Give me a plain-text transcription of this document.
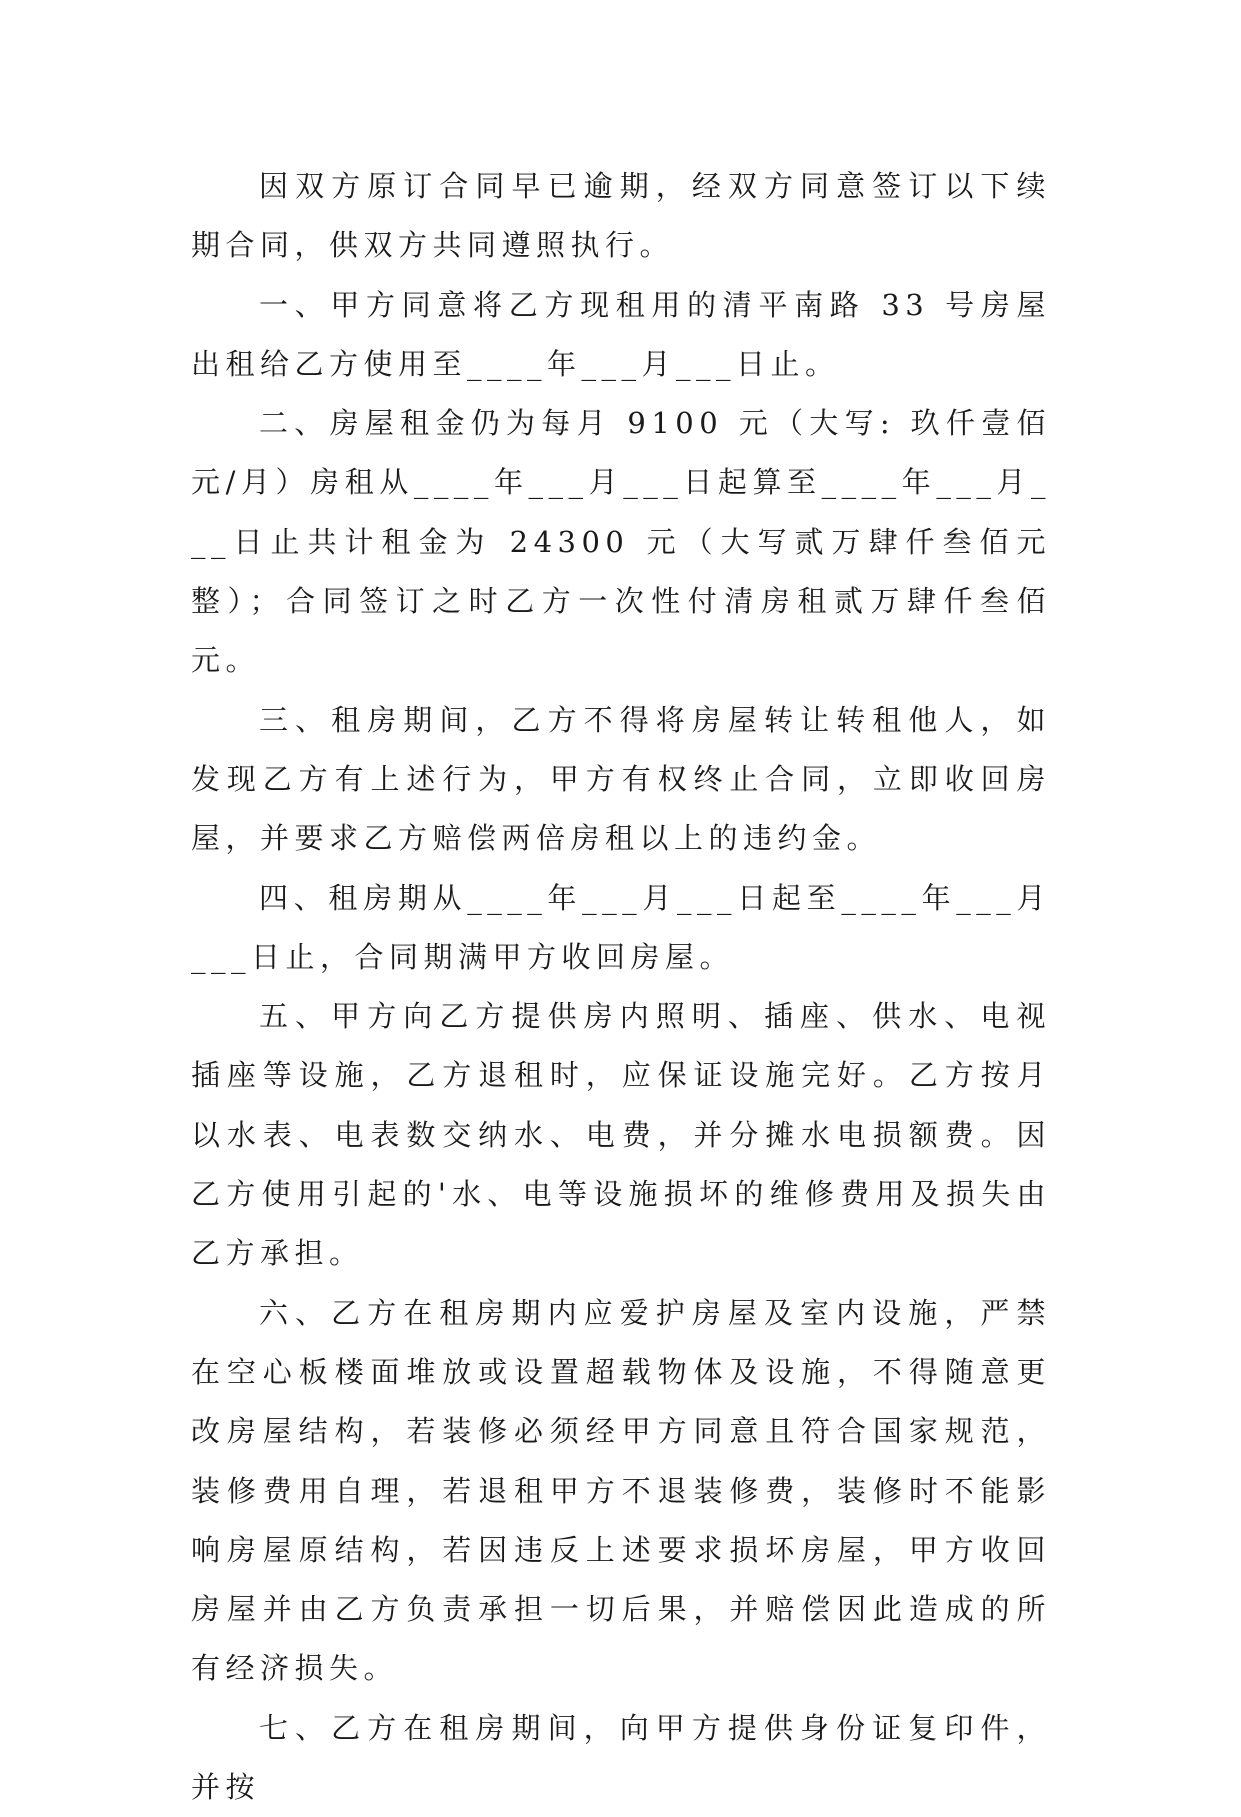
因双方原订合同早已逾期，经双方同意签订以下续期合同，供双方共同遵照执行。

一、甲方同意将乙方现租用的清平南路 33 号房屋出租给乙方使用至____年___月___日止。

二、房屋租金仍为每月 9100 元（大写: 玖仟壹佰元/月）房租从____年___月___日起算至____年___月___日止共计租金为 24300 元（大写贰万肆仟叁佰元整）；合同签订之时乙方一次性付清房租贰万肆仟叁佰元。

三、租房期间，乙方不得将房屋转让转租他人，如发现乙方有上述行为，甲方有权终止合同，立即收回房屋，并要求乙方赔偿两倍房租以上的违约金。

四、租房期从____年___月___日起至____年___月___日止，合同期满甲方收回房屋。

五、甲方向乙方提供房内照明、插座、供水、电视插座等设施，乙方退租时，应保证设施完好。乙方按月以水表、电表数交纳水、电费，并分摊水电损额费。因乙方使用引起的'水、电等设施损坏的维修费用及损失由乙方承担。

六、乙方在租房期内应爱护房屋及室内设施，严禁在空心板楼面堆放或设置超载物体及设施，不得随意更改房屋结构，若装修必须经甲方同意且符合国家规范，装修费用自理，若退租甲方不退装修费，装修时不能影响房屋原结构，若因违反上述要求损坏房屋，甲方收回房屋并由乙方负责承担一切后果，并赔偿因此造成的所有经济损失。

七、乙方在租房期间，向甲方提供身份证复印件，并按
